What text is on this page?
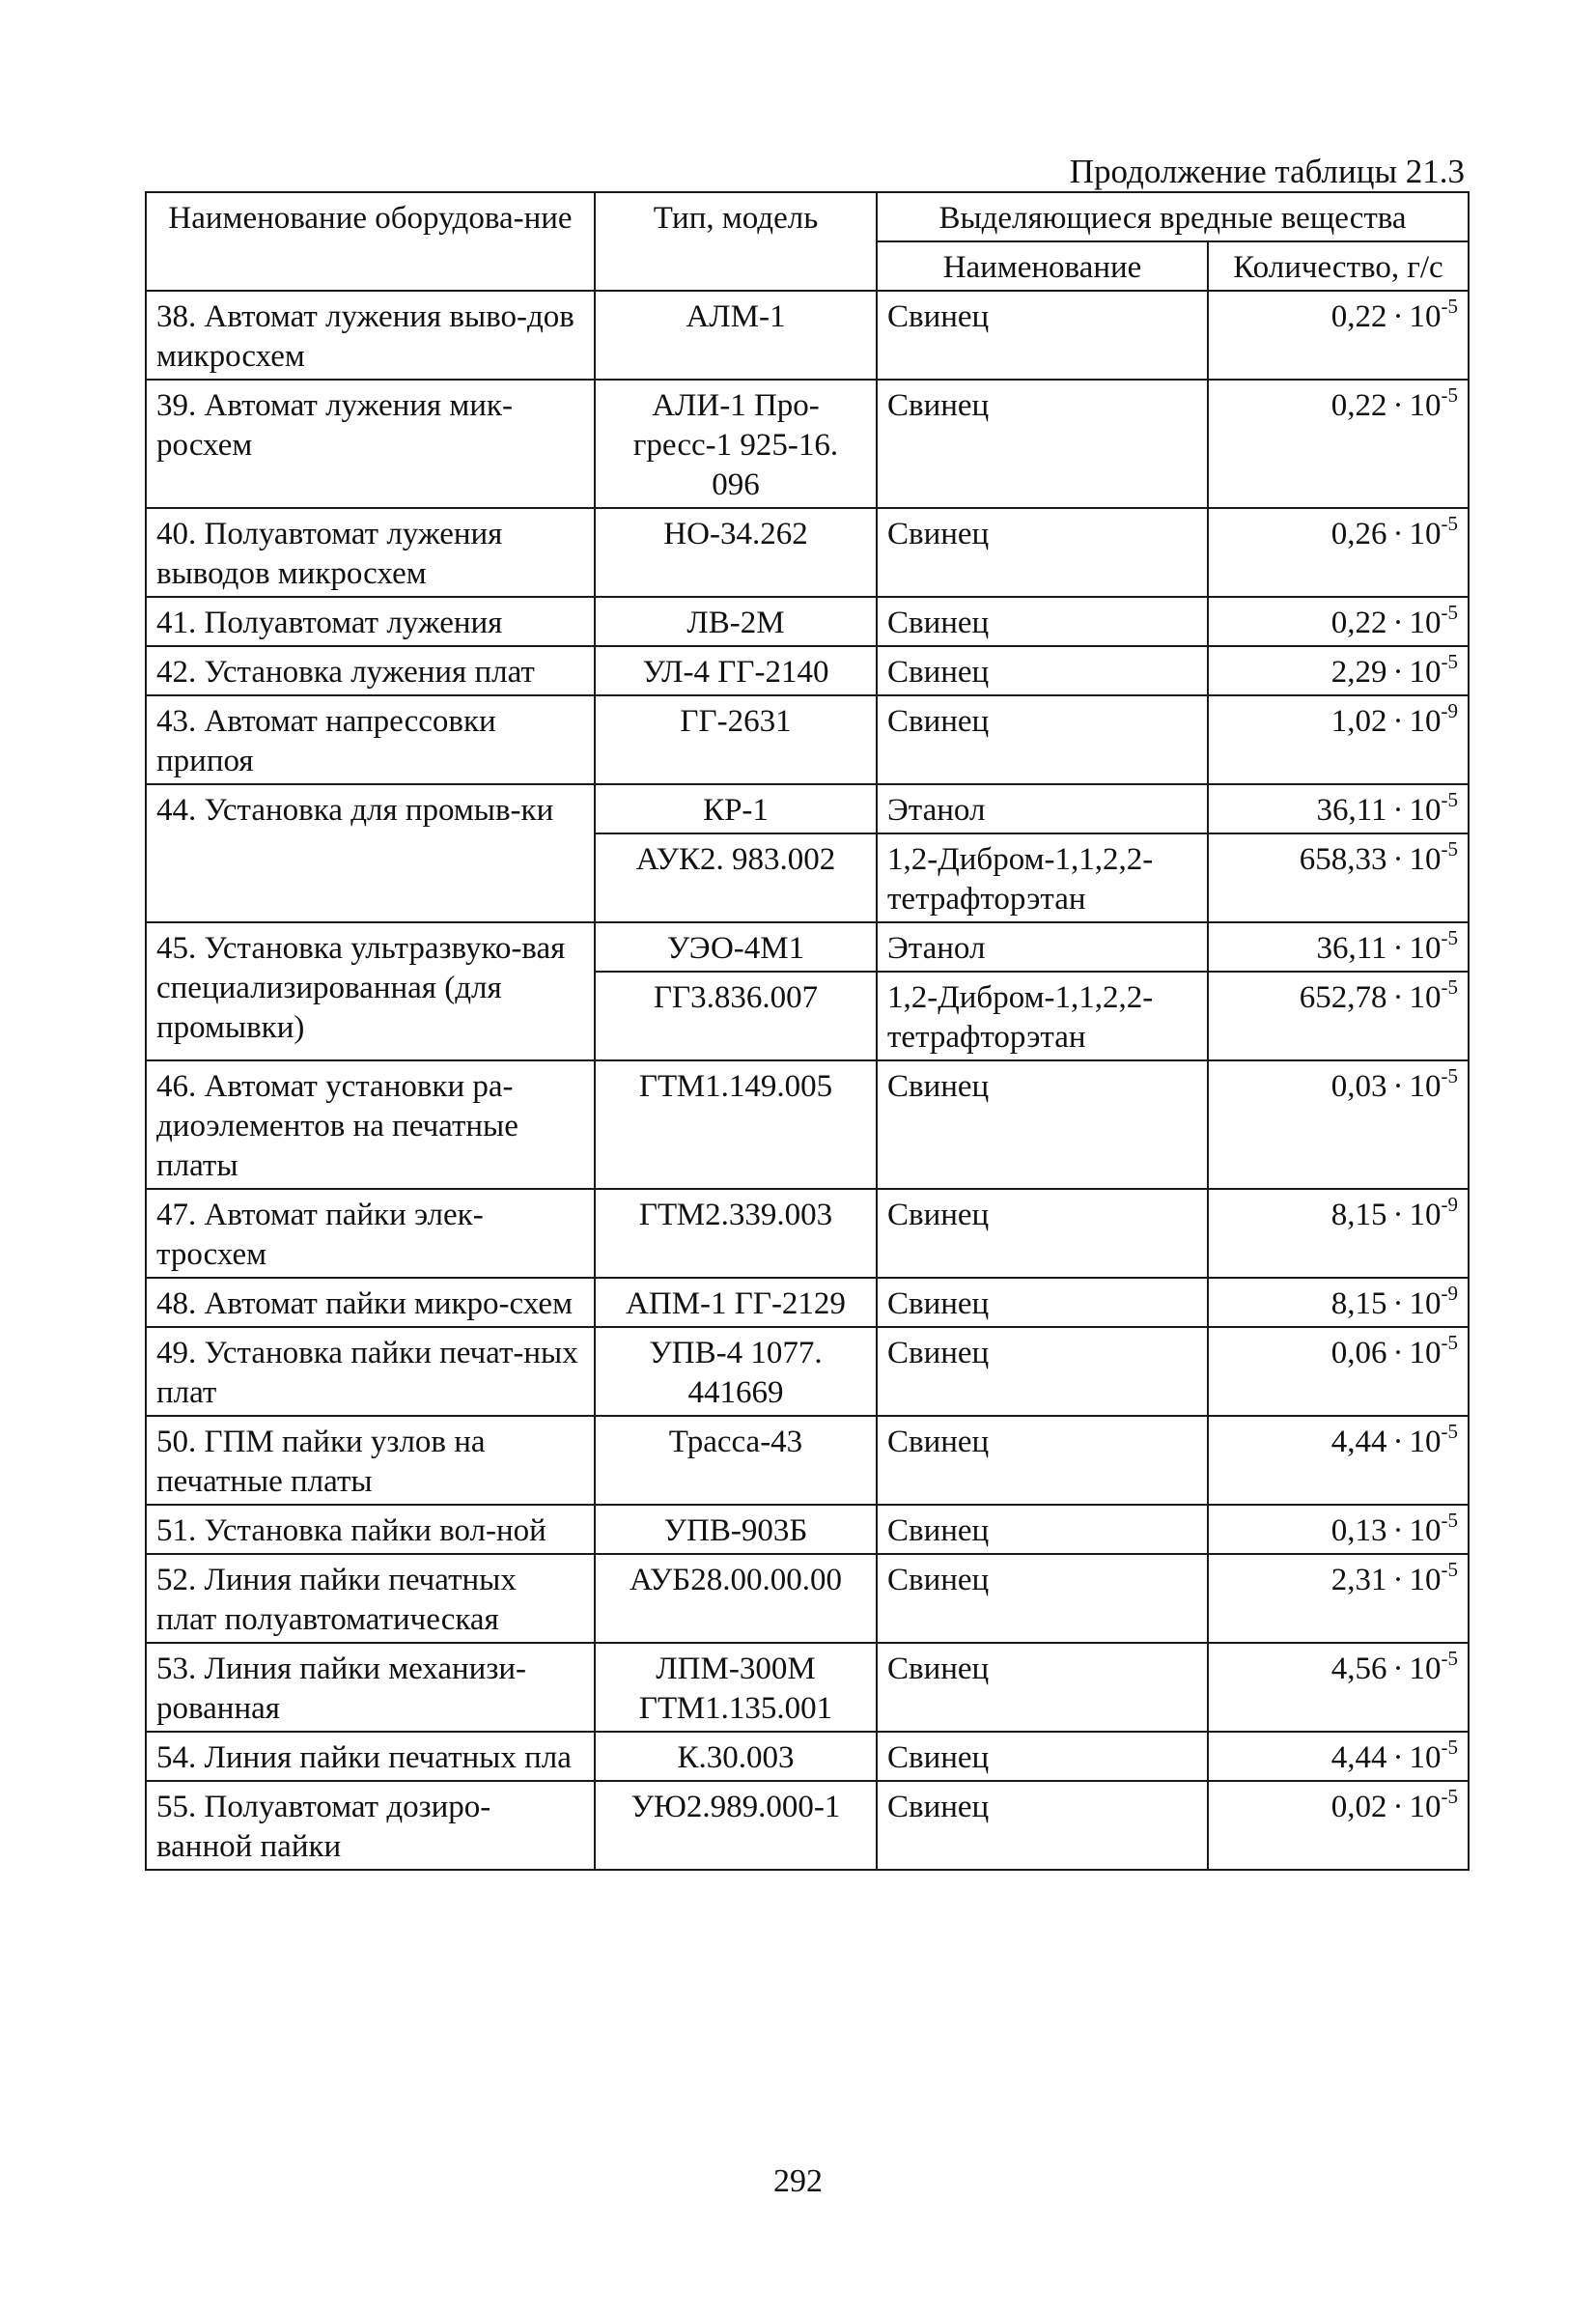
Продолжение таблицы 21.3
Наименование оборудова-ние	Тип, модель	Выделяющиеся вредные вещества	
		Наименование	Количество, г/с
38. Автомат лужения выво-дов микросхем	АЛМ-1	Свинец	$0,22 \cdot 10^{-5}$
39. Автомат лужения мик-росхем	АЛИ-1 Про-гресс-1 925-16. 096	Свинец	$0,22 \cdot 10^{-5}$
40. Полуавтомат лужения выводов микросхем	НО-34.262	Свинец	$0,26 \cdot 10^{-5}$
41. Полуавтомат лужения	ЛВ-2М	Свинец	$0,22 \cdot 10^{-5}$
42. Установка лужения плат	УЛ-4 ГГ-2140	Свинец	$2,29 \cdot 10^{-5}$
43. Автомат напрессовки припоя	ГГ-2631	Свинец	$1,02 \cdot 10^{-9}$
44. Установка для промыв-ки	КР-1	Этанол	$36,11 \cdot 10^{-5}$
	АУК2. 983.002	1,2-Дибром-1,1,2,2-тетрафторэтан	$658,33 \cdot 10^{-5}$
45. Установка ультразвуко-вая специализированная (для промывки)	УЭО-4М1	Этанол	$36,11 \cdot 10^{-5}$
	ГГ3.836.007	1,2-Дибром-1,1,2,2-тетрафторэтан	$652,78 \cdot 10^{-5}$
46. Автомат установки ра-диоэлементов на печатные платы	ГТМ1.149.005	Свинец	$0,03 \cdot 10^{-5}$
47. Автомат пайки элек-тросхем	ГТМ2.339.003	Свинец	$8,15 \cdot 10^{-9}$
48. Автомат пайки микро-схем	АПМ-1 ГГ-2129	Свинец	$8,15 \cdot 10^{-9}$
49. Установка пайки печат-ных плат	УПВ-4 1077. 441669	Свинец	$0,06 \cdot 10^{-5}$
50. ГПМ пайки узлов на печатные платы	Трасса-43	Свинец	$4,44 \cdot 10^{-5}$
51. Установка пайки вол-ной	УПВ-903Б	Свинец	$0,13 \cdot 10^{-5}$
52. Линия пайки печатных плат полуавтоматическая	АУБ28.00.00.00	Свинец	$2,31 \cdot 10^{-5}$
53. Линия пайки механизи-рованная	ЛПМ-300М ГТМ1.135.001	Свинец	$4,56 \cdot 10^{-5}$
54. Линия пайки печатных пла	К.30.003	Свинец	$4,44 \cdot 10^{-5}$
55. Полуавтомат дозиро-ванной пайки	УЮ2.989.000-1	Свинец	$0,02 \cdot 10^{-5}$
292
